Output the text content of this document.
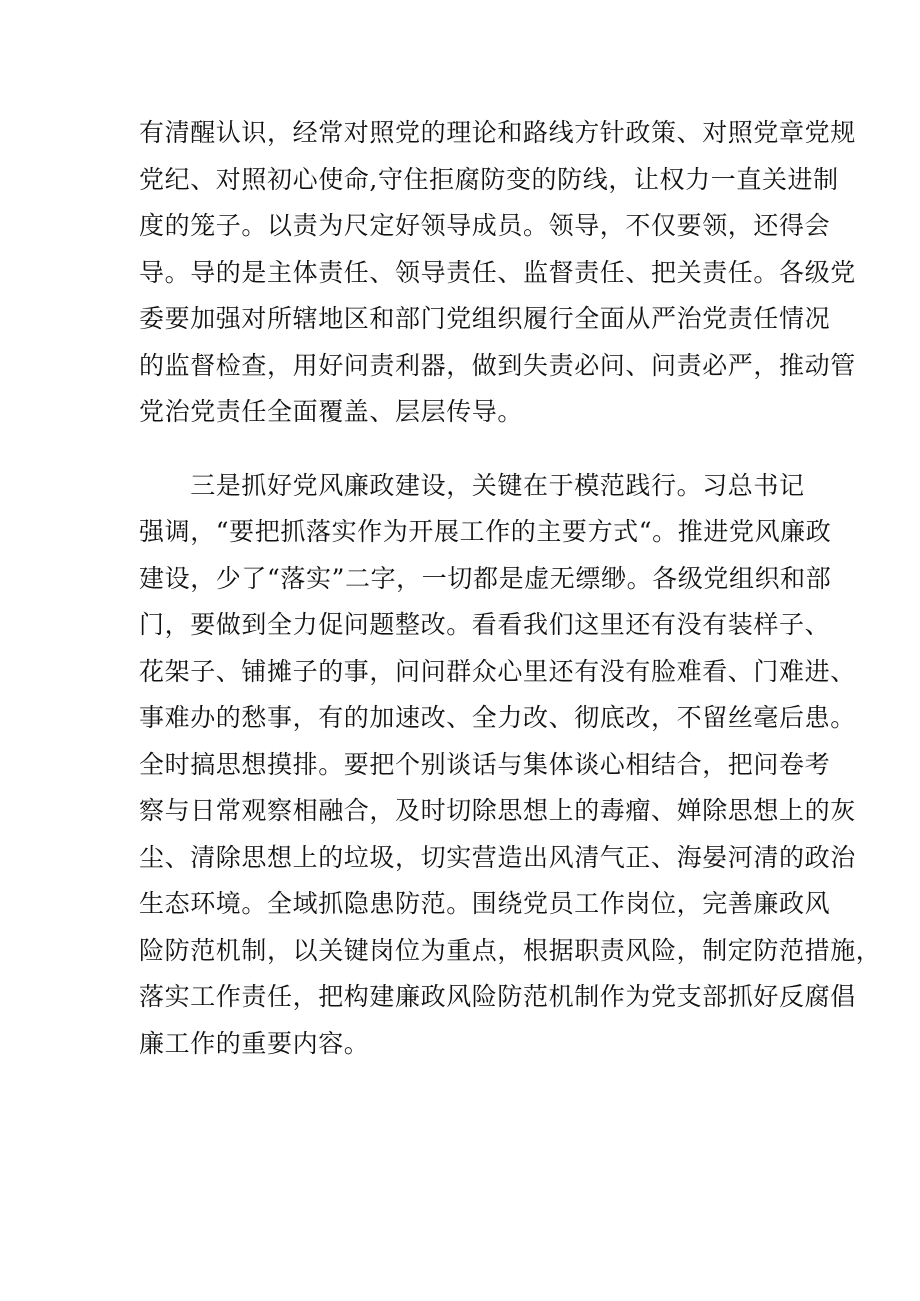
有清醒认识，经常对照党的理论和路线方针政策、对照党章党规
党纪、对照初心使命,守住拒腐防变的防线，让权力一直关进制
度的笼子。以责为尺定好领导成员。领导，不仅要领，还得会
导。导的是主体责任、领导责任、监督责任、把关责任。各级党
委要加强对所辖地区和部门党组织履行全面从严治党责任情况
的监督检查，用好问责利器，做到失责必问、问责必严，推动管
党治党责任全面覆盖、层层传导。
　　三是抓好党风廉政建设，关键在于模范践行。习总书记
强调，“要把抓落实作为开展工作的主要方式“。推进党风廉政
建设，少了“落实”二字，一切都是虚无缥缈。各级党组织和部
门，要做到全力促问题整改。看看我们这里还有没有装样子、
花架子、铺摊子的事，问问群众心里还有没有脸难看、门难进、
事难办的愁事，有的加速改、全力改、彻底改，不留丝毫后患。
全时搞思想摸排。要把个别谈话与集体谈心相结合，把问卷考
察与日常观察相融合，及时切除思想上的毒瘤、婵除思想上的灰
尘、清除思想上的垃圾，切实营造出风清气正、海晏河清的政治
生态环境。全域抓隐患防范。围绕党员工作岗位，完善廉政风
险防范机制，以关键岗位为重点，根据职责风险，制定防范措施，
落实工作责任，把构建廉政风险防范机制作为党支部抓好反腐倡
廉工作的重要内容。
